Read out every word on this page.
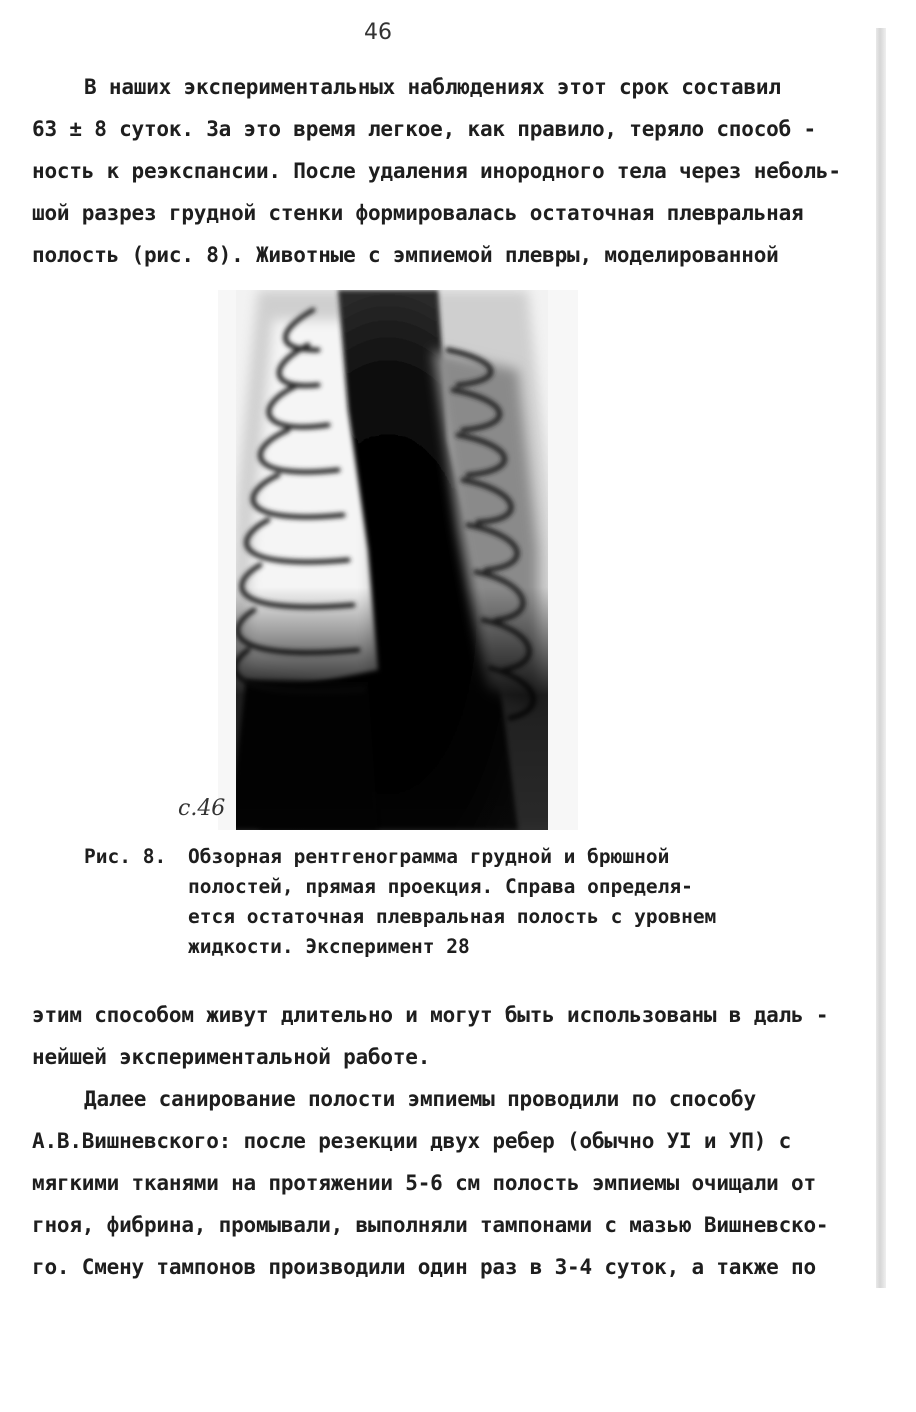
46
В наших экспериментальных наблюдениях этот срок составил
63 ± 8 суток. За это время легкое, как правило, теряло способ -
ность к реэкспансии. После удаления инородного тела через неболь-
шой разрез грудной стенки формировалась остаточная плевральная
полость (рис. 8). Животные с эмпиемой плевры, моделированной
с.46
Рис. 8. Обзорная рентгенограмма грудной и брюшной
полостей, прямая проекция. Справа определя-
ется остаточная плевральная полость с уровнем
жидкости. Эксперимент 28
этим способом живут длительно и могут быть использованы в даль -
нейшей экспериментальной работе.
Далее санирование полости эмпиемы проводили по способу
А.В.Вишневского: после резекции двух ребер (обычно УI и УП) с
мягкими тканями на протяжении 5-6 см полость эмпиемы очищали от
гноя, фибрина, промывали, выполняли тампонами с мазью Вишневско-
го. Смену тампонов производили один раз в 3-4 суток, а также по
